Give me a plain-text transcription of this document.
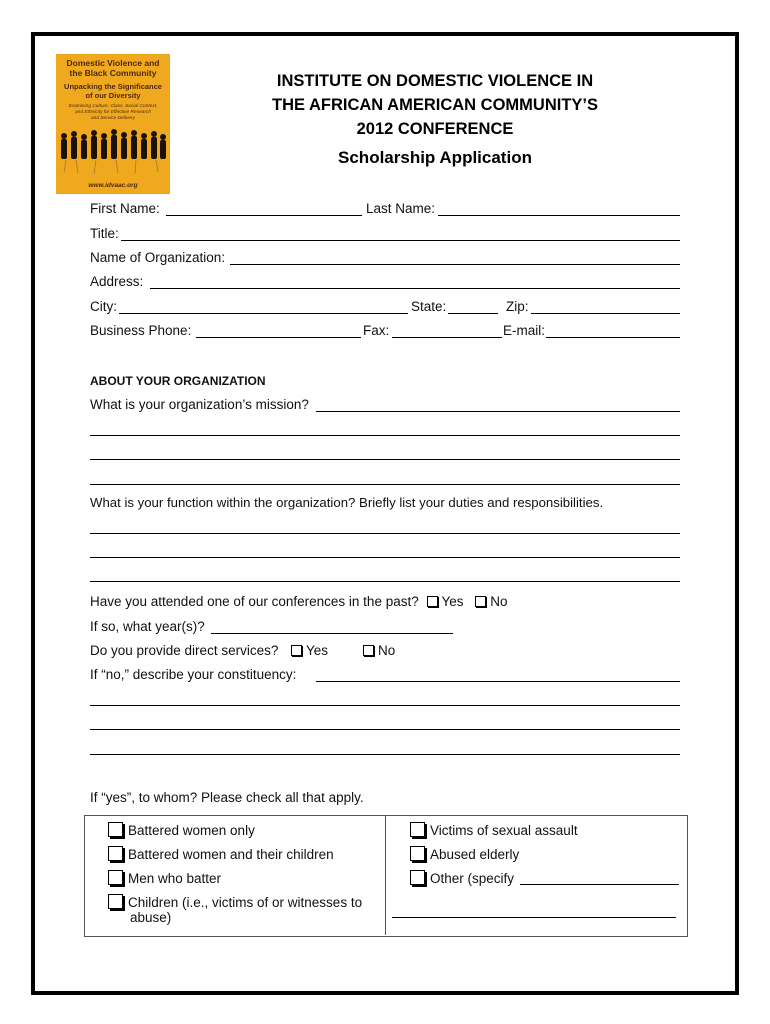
Domestic Violence and
the Black Community
Unpacking the Significance
of our Diversity
Examining Culture, Class, Social Context,
and Ethnicity for Effective Research
and Service Delivery
www.idvaac.org
INSTITUTE ON DOMESTIC VIOLENCE IN
THE AFRICAN AMERICAN COMMUNITY’S
2012 CONFERENCE
Scholarship Application
First Name:	Last Name:
Title:
Name of Organization:
Address:
City:	State:	Zip:
Business Phone:	Fax:	E-mail:
ABOUT YOUR ORGANIZATION
What is your organization’s mission?
What is your function within the organization? Briefly list your duties and responsibilities.
Have you attended one of our conferences in the past? Yes No
If so, what year(s)?
Do you provide direct services?	Yes	No
If “no,” describe your constituency:
If “yes”, to whom? Please check all that apply.
Battered women only
Battered women and their children
Men who batter
Children (i.e., victims of or witnesses to
abuse)
Victims of sexual assault
Abused elderly
Other (specify
